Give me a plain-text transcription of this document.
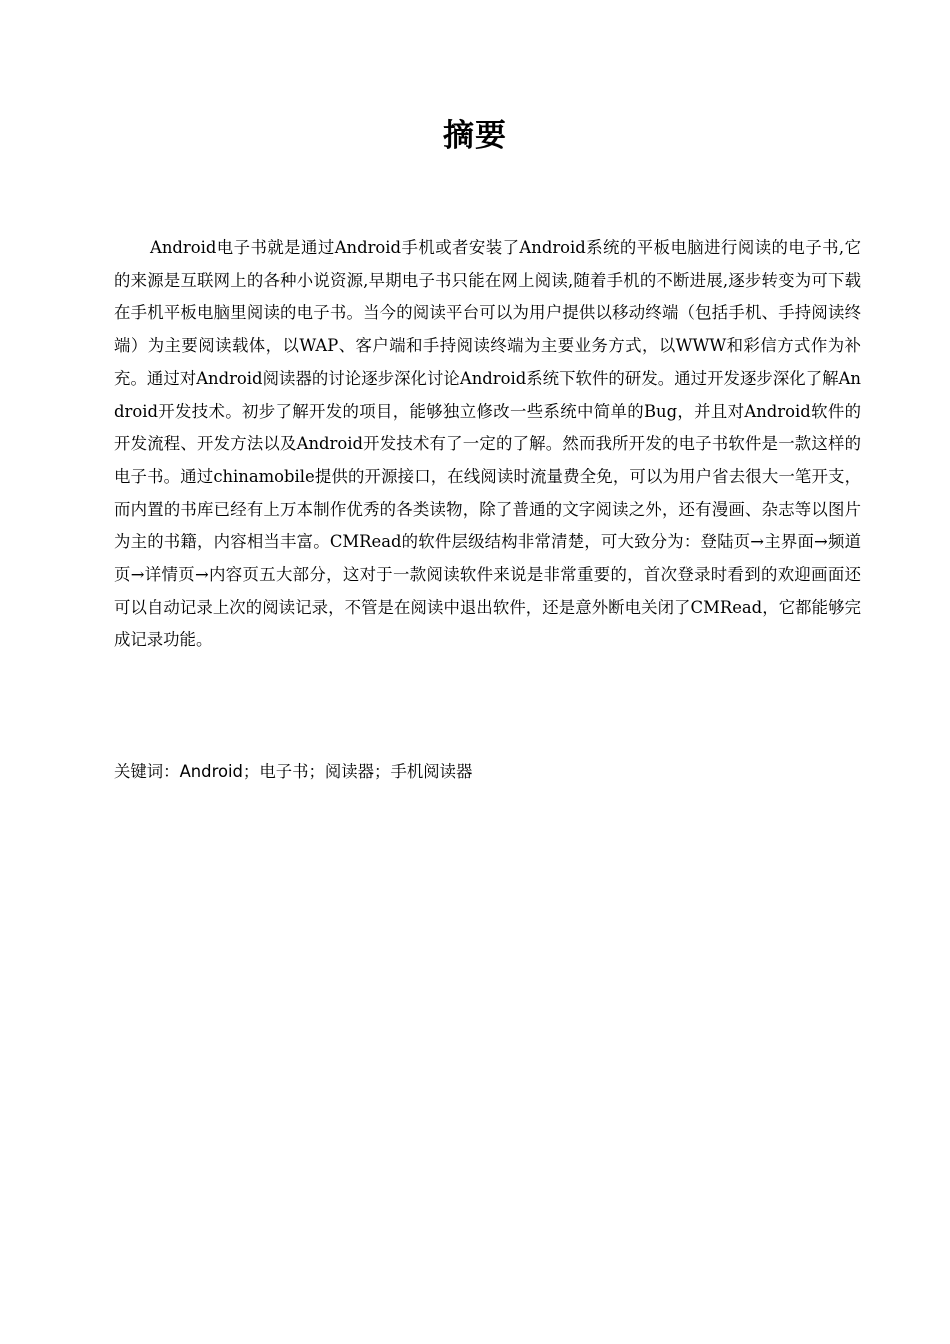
摘要

Android电子书就是通过Android手机或者安装了Android系统的平板电脑进行阅读的电子书,它的来源是互联网上的各种小说资源,早期电子书只能在网上阅读,随着手机的不断进展,逐步转变为可下载在手机平板电脑里阅读的电子书。当今的阅读平台可以为用户提供以移动终端（包括手机、手持阅读终端）为主要阅读载体，以WAP、客户端和手持阅读终端为主要业务方式，以WWW和彩信方式作为补充。通过对Android阅读器的讨论逐步深化讨论Android系统下软件的研发。通过开发逐步深化了解Android开发技术。初步了解开发的项目，能够独立修改一些系统中简单的Bug，并且对Android软件的开发流程、开发方法以及Android开发技术有了一定的了解。然而我所开发的电子书软件是一款这样的电子书。通过chinamobile提供的开源接口，在线阅读时流量费全免，可以为用户省去很大一笔开支，而内置的书库已经有上万本制作优秀的各类读物，除了普通的文字阅读之外，还有漫画、杂志等以图片为主的书籍，内容相当丰富。CMRead的软件层级结构非常清楚，可大致分为：登陆页→主界面→频道页→详情页→内容页五大部分，这对于一款阅读软件来说是非常重要的，首次登录时看到的欢迎画面还可以自动记录上次的阅读记录，不管是在阅读中退出软件，还是意外断电关闭了CMRead，它都能够完成记录功能。

关键词：Android；电子书；阅读器；手机阅读器
